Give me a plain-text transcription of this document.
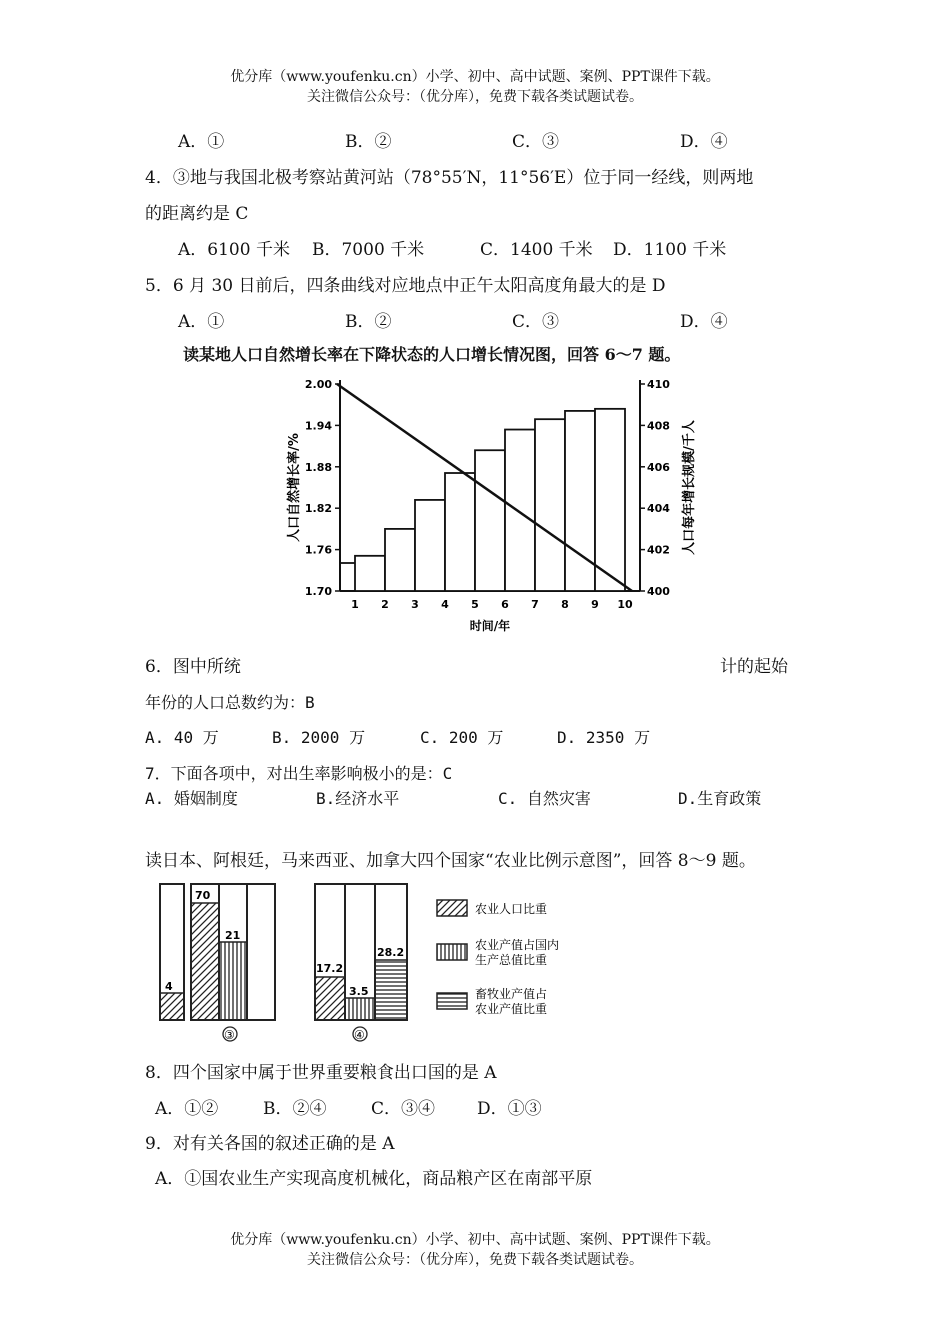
优分库（www.youfenku.cn）小学、初中、高中试题、案例、PPT课件下载。
关注微信公众号：（优分库），免费下载各类试题试卷。
A．①	B．②	C．③	D．④
4．③地与我国北极考察站黄河站（78°55′N，11°56′E）位于同一经线，则两地
的距离约是 C
A．6100 千米 B．7000 千米	C．1400 千米 D．1100 千米
5．6 月 30 日前后，四条曲线对应地点中正午太阳高度角最大的是 D
A．①	B．②	C．③	D．④
读某地人口自然增长率在下降状态的人口增长情况图，回答 6～7 题。
2.00
1.94
1.88
1.82
1.76
1.70
410
408
406
404
402
400
1 2 3 4 5 6 7 8 9 10
时间/年
人口自然增长率/%	人口每年增长规模/千人
6．图中所统	计的起始
年份的人口总数约为：B
A. 40 万	B. 2000 万	C. 200 万	D. 2350 万
7．下面各项中，对出生率影响极小的是：C
A. 婚姻制度	B.经济水平	C. 自然灾害	D.生育政策
读日本、阿根廷，马来西亚、加拿大四个国家“农业比例示意图”，回答 8～9 题。
4
70
21
③
17.2
3.5
28.2
④
农业人口比重
农业产值占国内
生产总值比重
畜牧业产值占
农业产值比重
8．四个国家中属于世界重要粮食出口国的是 A
A．①②	B．②④	C．③④ D．①③
9．对有关各国的叙述正确的是 A
A．①国农业生产实现高度机械化，商品粮产区在南部平原
优分库（www.youfenku.cn）小学、初中、高中试题、案例、PPT课件下载。
关注微信公众号：（优分库），免费下载各类试题试卷。
